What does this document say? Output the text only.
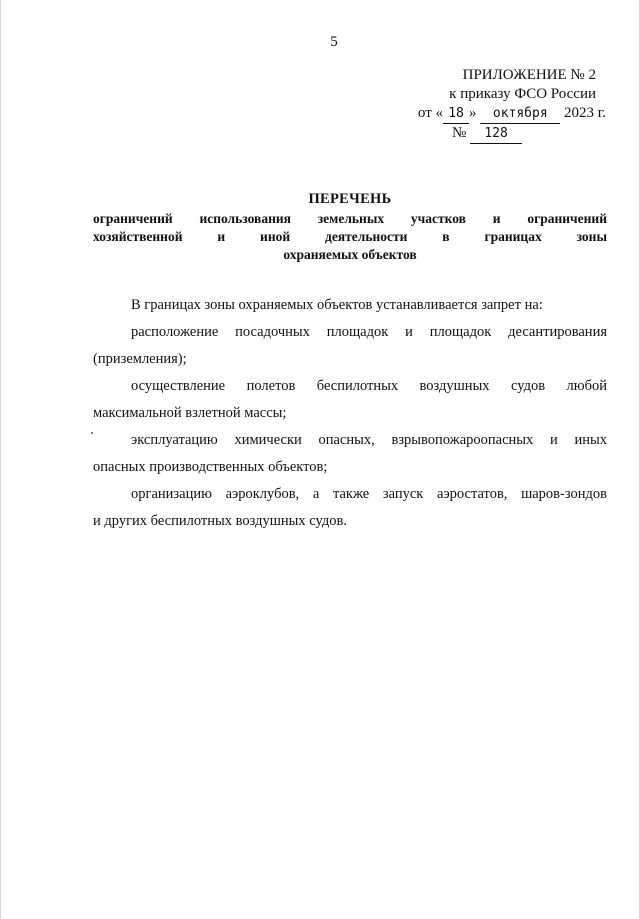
5
ПРИЛОЖЕНИЕ № 2
к приказу ФСО России
от « 18 » октября 2023 г.
№ 128
ПЕРЕЧЕНЬ
ограничений использования земельных участков и ограничений
хозяйственной и иной деятельности в границах зоны
охраняемых объектов
В границах зоны охраняемых объектов устанавливается запрет на:
расположение посадочных площадок и площадок десантирования
(приземления);
осуществление полетов беспилотных воздушных судов любой
максимальной взлетной массы;
эксплуатацию химически опасных, взрывопожароопасных и иных
опасных производственных объектов;
организацию аэроклубов, а также запуск аэростатов, шаров-зондов
и других беспилотных воздушных судов.
